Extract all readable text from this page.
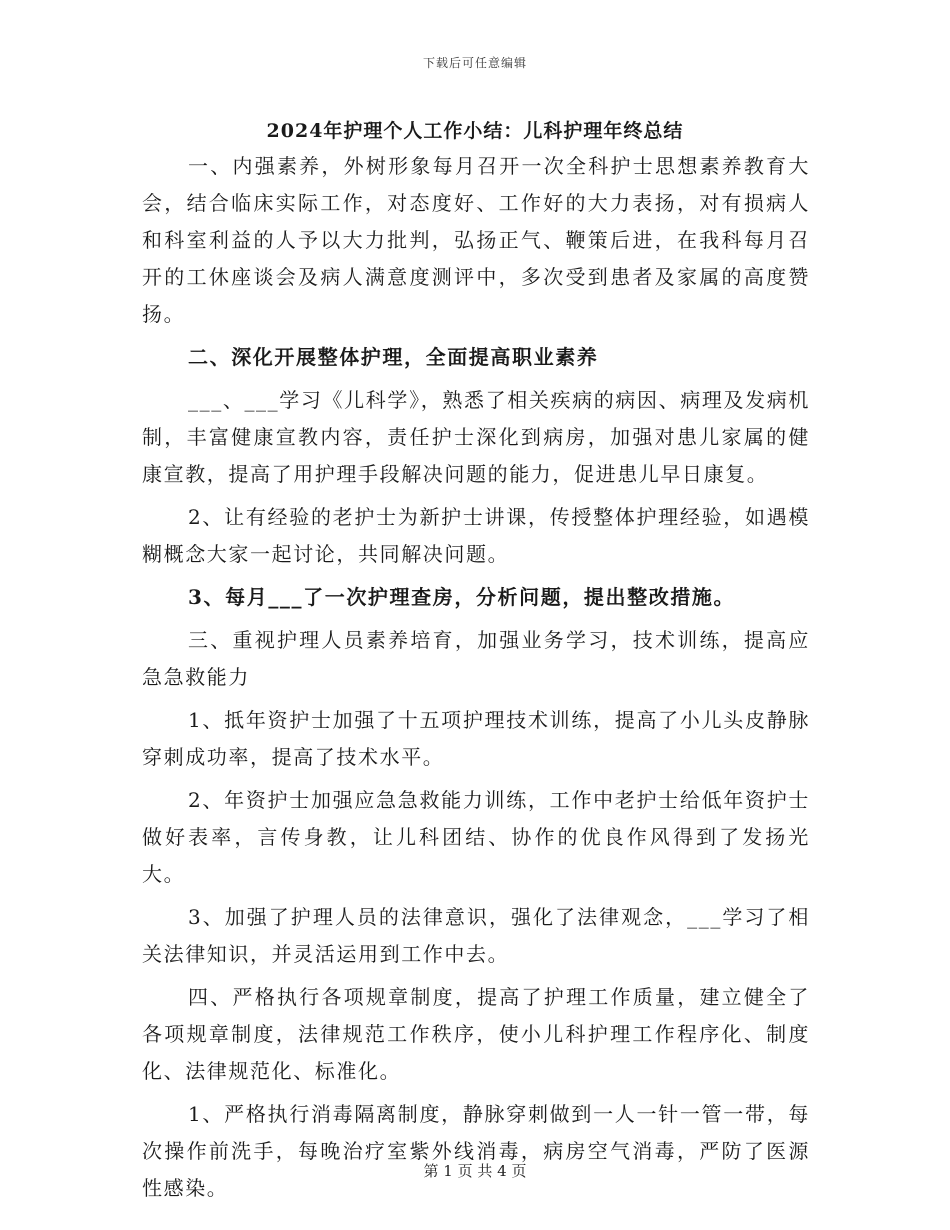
下载后可任意编辑
2024年护理个人工作小结：儿科护理年终总结

一、内强素养，外树形象每月召开一次全科护士思想素养教育大会，结合临床实际工作，对态度好、工作好的大力表扬，对有损病人和科室利益的人予以大力批判，弘扬正气、鞭策后进，在我科每月召开的工休座谈会及病人满意度测评中，多次受到患者及家属的高度赞扬。

二、深化开展整体护理，全面提高职业素养

___、___学习《儿科学》，熟悉了相关疾病的病因、病理及发病机制，丰富健康宣教内容，责任护士深化到病房，加强对患儿家属的健康宣教，提高了用护理手段解决问题的能力，促进患儿早日康复。

2、让有经验的老护士为新护士讲课，传授整体护理经验，如遇模糊概念大家一起讨论，共同解决问题。

3、每月___了一次护理查房，分析问题，提出整改措施。

三、重视护理人员素养培育，加强业务学习，技术训练，提高应急急救能力

1、抵年资护士加强了十五项护理技术训练，提高了小儿头皮静脉穿刺成功率，提高了技术水平。

2、年资护士加强应急急救能力训练，工作中老护士给低年资护士做好表率，言传身教，让儿科团结、协作的优良作风得到了发扬光大。

3、加强了护理人员的法律意识，强化了法律观念，___学习了相关法律知识，并灵活运用到工作中去。

四、严格执行各项规章制度，提高了护理工作质量，建立健全了各项规章制度，法律规范工作秩序，使小儿科护理工作程序化、制度化、法律规范化、标准化。

1、严格执行消毒隔离制度，静脉穿刺做到一人一针一管一带，每次操作前洗手，每晚治疗室紫外线消毒，病房空气消毒，严防了医源性感染。

第 1 页 共 4 页
